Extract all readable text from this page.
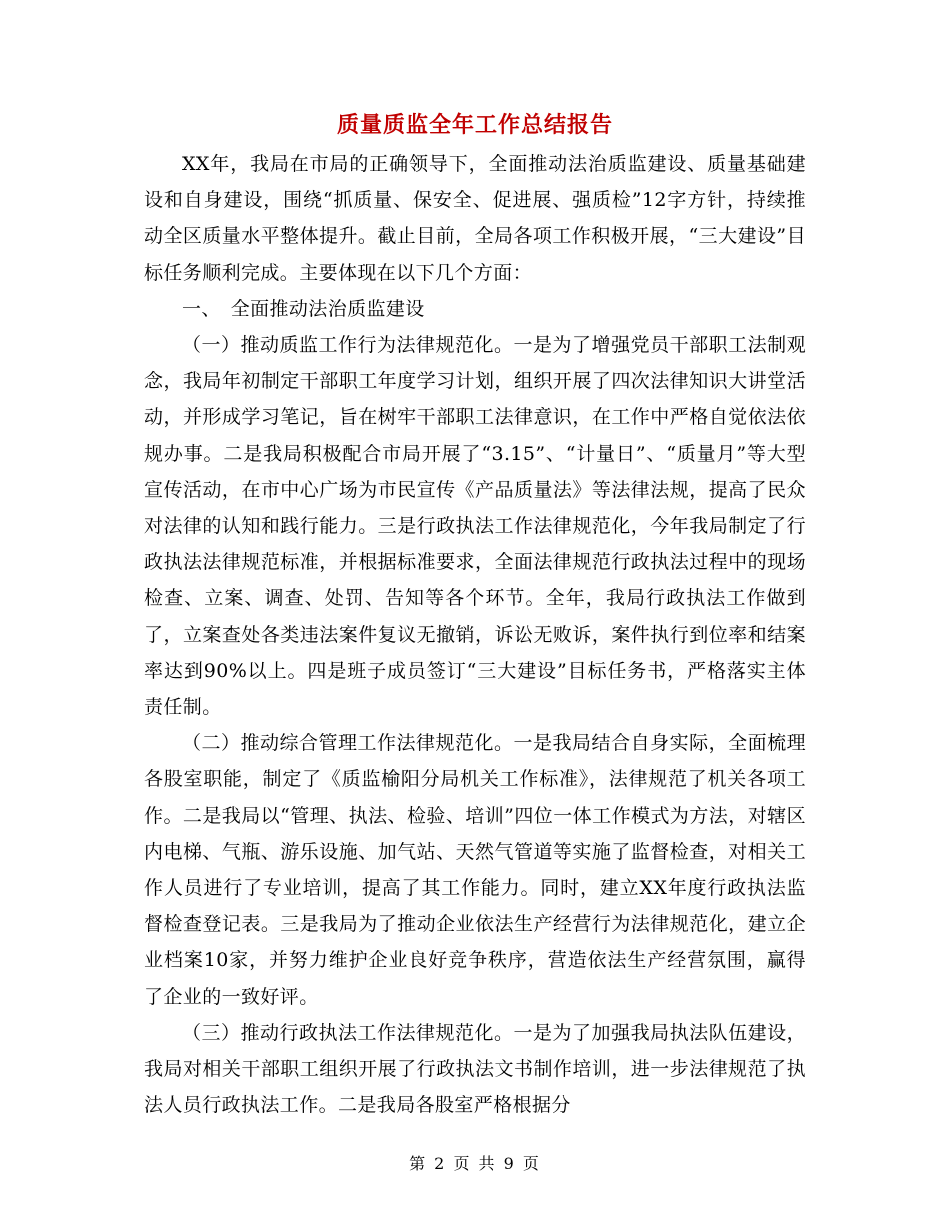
质量质监全年工作总结报告

XX年，我局在市局的正确领导下，全面推动法治质监建设、质量基础建设和自身建设，围绕“抓质量、保安全、促进展、强质检”12字方针，持续推动全区质量水平整体提升。截止目前，全局各项工作积极开展，“三大建设”目标任务顺利完成。主要体现在以下几个方面：

一、　全面推动法治质监建设

（一）推动质监工作行为法律规范化。一是为了增强党员干部职工法制观念，我局年初制定干部职工年度学习计划，组织开展了四次法律知识大讲堂活动，并形成学习笔记，旨在树牢干部职工法律意识，在工作中严格自觉依法依规办事。二是我局积极配合市局开展了“3.15”、“计量日”、“质量月”等大型宣传活动，在市中心广场为市民宣传《产品质量法》等法律法规，提高了民众对法律的认知和践行能力。三是行政执法工作法律规范化，今年我局制定了行政执法法律规范标准，并根据标准要求，全面法律规范行政执法过程中的现场检查、立案、调查、处罚、告知等各个环节。全年，我局行政执法工作做到了，立案查处各类违法案件复议无撤销，诉讼无败诉，案件执行到位率和结案率达到90%以上。四是班子成员签订“三大建设”目标任务书，严格落实主体责任制。

（二）推动综合管理工作法律规范化。一是我局结合自身实际，全面梳理各股室职能，制定了《质监榆阳分局机关工作标准》，法律规范了机关各项工作。二是我局以“管理、执法、检验、培训”四位一体工作模式为方法，对辖区内电梯、气瓶、游乐设施、加气站、天然气管道等实施了监督检查，对相关工作人员进行了专业培训，提高了其工作能力。同时，建立XX年度行政执法监督检查登记表。三是我局为了推动企业依法生产经营行为法律规范化，建立企业档案10家，并努力维护企业良好竞争秩序，营造依法生产经营氛围，赢得了企业的一致好评。

（三）推动行政执法工作法律规范化。一是为了加强我局执法队伍建设，我局对相关干部职工组织开展了行政执法文书制作培训，进一步法律规范了执法人员行政执法工作。二是我局各股室严格根据分

第 2 页 共 9 页
